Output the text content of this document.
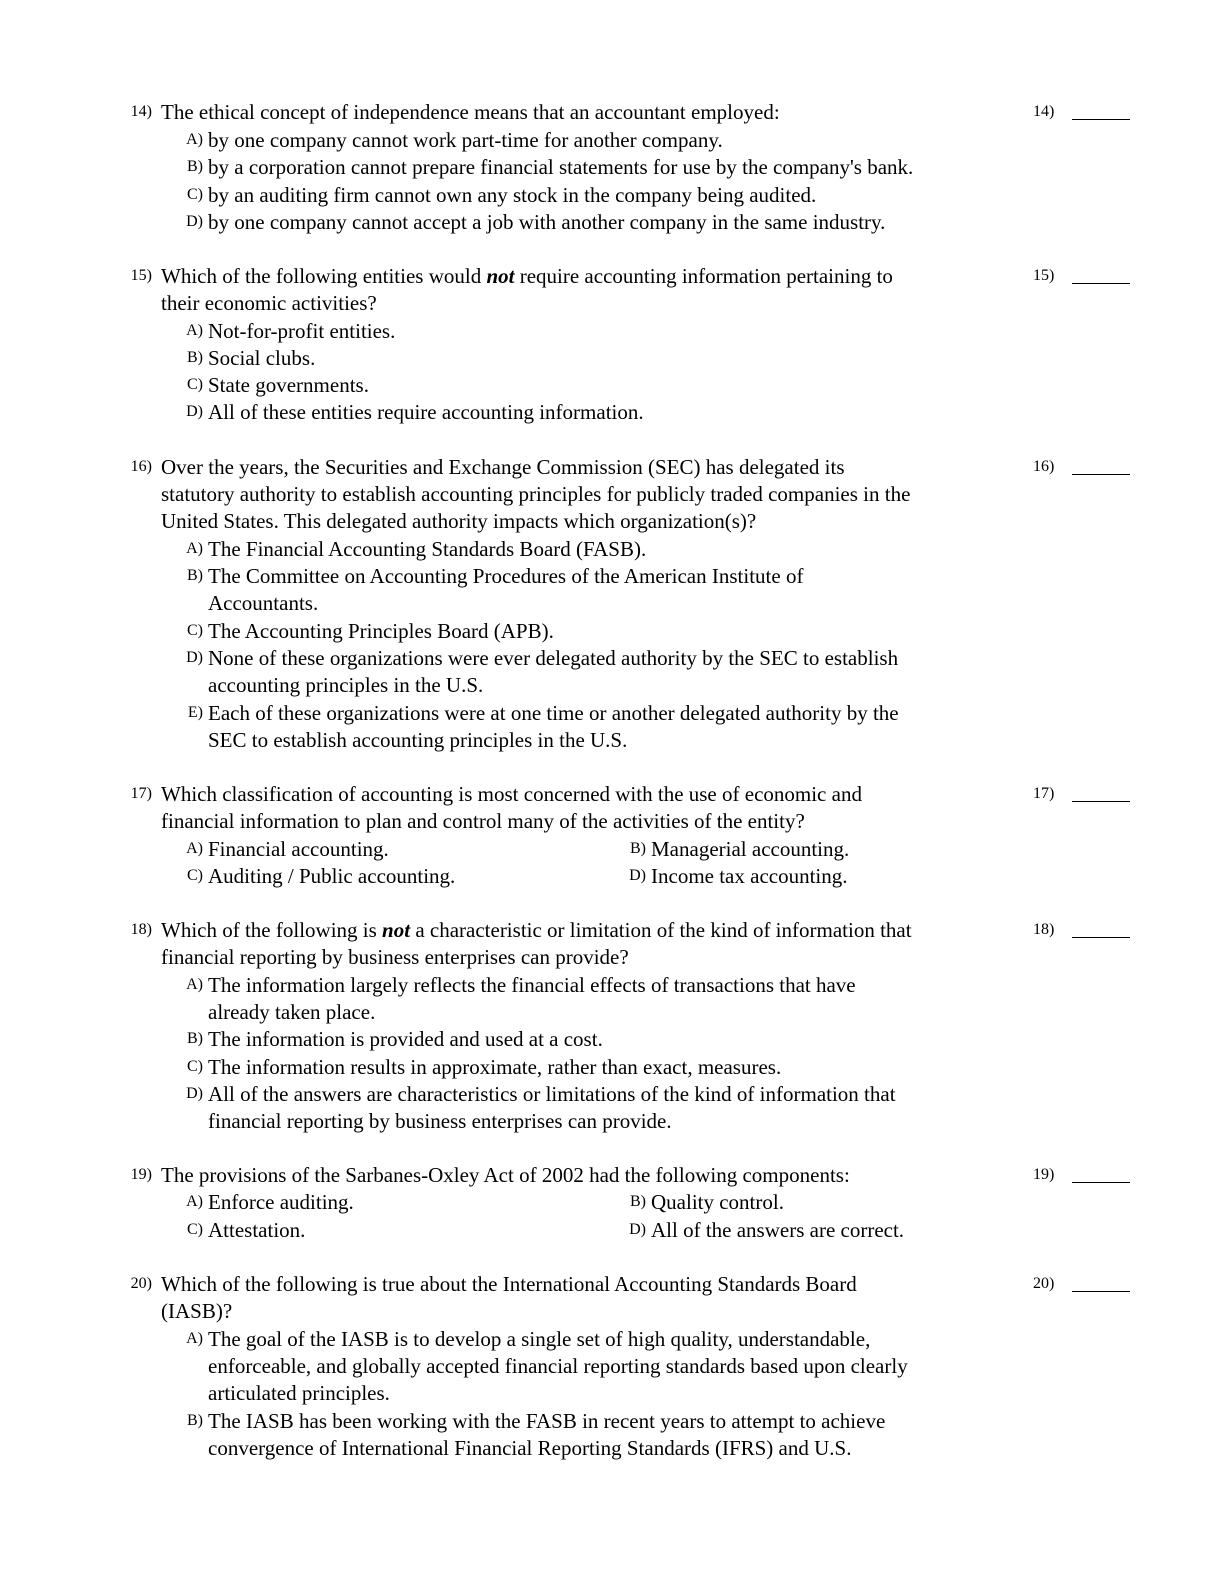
14) The ethical concept of independence means that an accountant employed:	14)
A) by one company cannot work part-time for another company.
B) by a corporation cannot prepare financial statements for use by the company's bank.
C) by an auditing firm cannot own any stock in the company being audited.
D) by one company cannot accept a job with another company in the same industry.
15) Which of the following entities would not require accounting information pertaining to
their economic activities?
15)
A) Not-for-profit entities.
B) Social clubs.
C) State governments.
D) All of these entities require accounting information.
16) Over the years, the Securities and Exchange Commission (SEC) has delegated its
statutory authority to establish accounting principles for publicly traded companies in the
United States. This delegated authority impacts which organization(s)?
16)
A) The Financial Accounting Standards Board (FASB).
B) The Committee on Accounting Procedures of the American Institute of
Accountants.
C) The Accounting Principles Board (APB).
D) None of these organizations were ever delegated authority by the SEC to establish
accounting principles in the U.S.
E) Each of these organizations were at one time or another delegated authority by the
SEC to establish accounting principles in the U.S.
17) Which classification of accounting is most concerned with the use of economic and
financial information to plan and control many of the activities of the entity?
17)
A) Financial accounting.	B) Managerial accounting.
C) Auditing / Public accounting.	D) Income tax accounting.
18) Which of the following is not a characteristic or limitation of the kind of information that
financial reporting by business enterprises can provide?
18)
A) The information largely reflects the financial effects of transactions that have
already taken place.
B) The information is provided and used at a cost.
C) The information results in approximate, rather than exact, measures.
D) All of the answers are characteristics or limitations of the kind of information that
financial reporting by business enterprises can provide.
19) The provisions of the Sarbanes-Oxley Act of 2002 had the following components:	19)
A) Enforce auditing.	B) Quality control.
C) Attestation.	D) All of the answers are correct.
20) Which of the following is true about the International Accounting Standards Board
(IASB)?
20)
A) The goal of the IASB is to develop a single set of high quality, understandable,
enforceable, and globally accepted financial reporting standards based upon clearly
articulated principles.
B) The IASB has been working with the FASB in recent years to attempt to achieve
convergence of International Financial Reporting Standards (IFRS) and U.S.
